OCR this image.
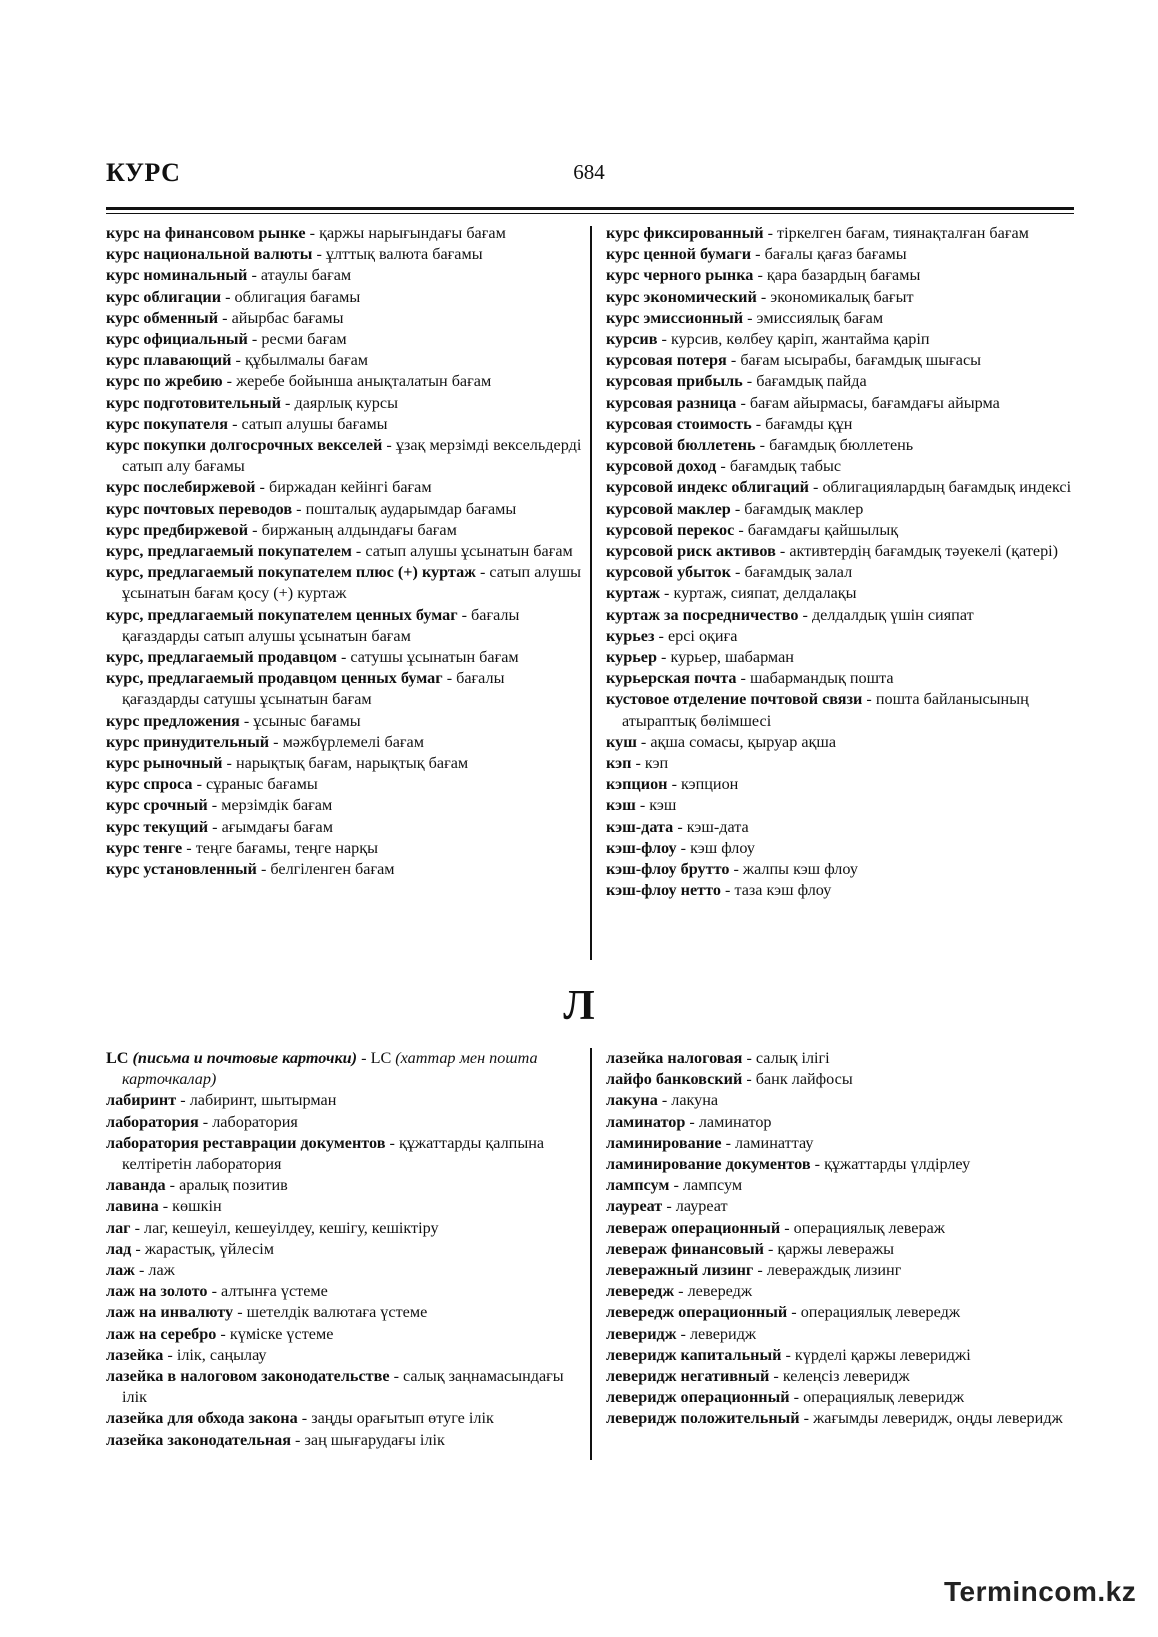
КУРС	684

курс на финансовом рынке - қаржы нарығындағы бағам

курс национальной валюты - ұлттық валюта бағамы

курс номинальный - атаулы бағам

курс облигации - облигация бағамы

курс обменный - айырбас бағамы

курс официальный - ресми бағам

курс плавающий - құбылмалы бағам

курс по жребию - жеребе бойынша анықталатын бағам

курс подготовительный - даярлық курсы

курс покупателя - сатып алушы бағамы

курс покупки долгосрочных векселей - ұзақ мерзімді вексельдерді сатып алу бағамы

курс послебиржевой - биржадан кейінгі бағам

курс почтовых переводов - пошталық аударымдар бағамы

курс предбиржевой - биржаның алдындағы бағам

курс, предлагаемый покупателем - сатып алушы ұсынатын бағам

курс, предлагаемый покупателем плюс (+) куртаж - сатып алушы ұсынатын бағам қосу (+) куртаж

курс, предлагаемый покупателем ценных бумаг - бағалы қағаздарды сатып алушы ұсынатын бағам

курс, предлагаемый продавцом - сатушы ұсынатын бағам

курс, предлагаемый продавцом ценных бумаг - бағалы қағаздарды сатушы ұсынатын бағам

курс предложения - ұсыныс бағамы

курс принудительный - мәжбүрлемелі бағам

курс рыночный - нарықтық бағам, нарықтық бағам

курс спроса - сұраныс бағамы

курс срочный - мерзімдік бағам

курс текущий - ағымдағы бағам

курс тенге - теңге бағамы, теңге нарқы

курс установленный - белгіленген бағам

курс фиксированный - тіркелген бағам, тиянақталған бағам

курс ценной бумаги - бағалы қағаз бағамы

курс черного рынка - қара базардың бағамы

курс экономический - экономикалық бағыт

курс эмиссионный - эмиссиялық бағам

курсив - курсив, көлбеу қаріп, жантайма қаріп

курсовая потеря - бағам ысырабы, бағамдық шығасы

курсовая прибыль - бағамдық пайда

курсовая разница - бағам айырмасы, бағамдағы айырма

курсовая стоимость - бағамды құн

курсовой бюллетень - бағамдық бюллетень

курсовой доход - бағамдық табыс

курсовой индекс облигаций - облигациялардың бағамдық индексі

курсовой маклер - бағамдық маклер

курсовой перекос - бағамдағы қайшылық

курсовой риск активов - активтердің бағамдық тәуекелі (қатері)

курсовой убыток - бағамдық залал

куртаж - куртаж, сияпат, делдалақы

куртаж за посредничество - делдалдық үшін сияпат

курьез - ерсі оқиға

курьер - курьер, шабарман

курьерская почта - шабармандық пошта

кустовое отделение почтовой связи - пошта байланысының атыраптық бөлімшесі

куш - ақша сомасы, қыруар ақша

кэп - кэп

кэпцион - кэпцион

кэш - кэш

кэш-дата - кэш-дата

кэш-флоу - кэш флоу

кэш-флоу брутто - жалпы кэш флоу

кэш-флоу нетто - таза кэш флоу

Л

LC (письма и почтовые карточки) - LC (хаттар мен пошта карточкалар)

лабиринт - лабиринт, шытырман

лаборатория - лаборатория

лаборатория реставрации документов - құжаттарды қалпына келтіретін лаборатория

лаванда - аралық позитив

лавина - көшкін

лаг - лаг, кешеуіл, кешеуілдеу, кешігу, кешіктіру

лад - жарастық, үйлесім

лаж - лаж

лаж на золото - алтынға үстеме

лаж на инвалюту - шетелдік валютаға үстеме

лаж на серебро - күміске үстеме

лазейка - ілік, саңылау

лазейка в налоговом законодательстве - салық заңнамасындағы ілік

лазейка для обхода закона - заңды орағытып өтуге ілік

лазейка законодательная - заң шығарудағы ілік

лазейка налоговая - салық ілігі

лайфо банковский - банк лайфосы

лакуна - лакуна

ламинатор - ламинатор

ламинирование - ламинаттау

ламинирование документов - құжаттарды үлдірлеу

лампсум - лампсум

лауреат - лауреат

левераж операционный - операциялық левераж

левераж финансовый - қаржы леверажы

леверажный лизинг - левераждық лизинг

левередж - левередж

левередж операционный - операциялық левередж

леверидж - леверидж

леверидж капитальный - күрделі қаржы левериджі

леверидж негативный - келеңсіз леверидж

леверидж операционный - операциялық леверидж

леверидж положительный - жағымды леверидж, оңды леверидж

Termincom.kz
